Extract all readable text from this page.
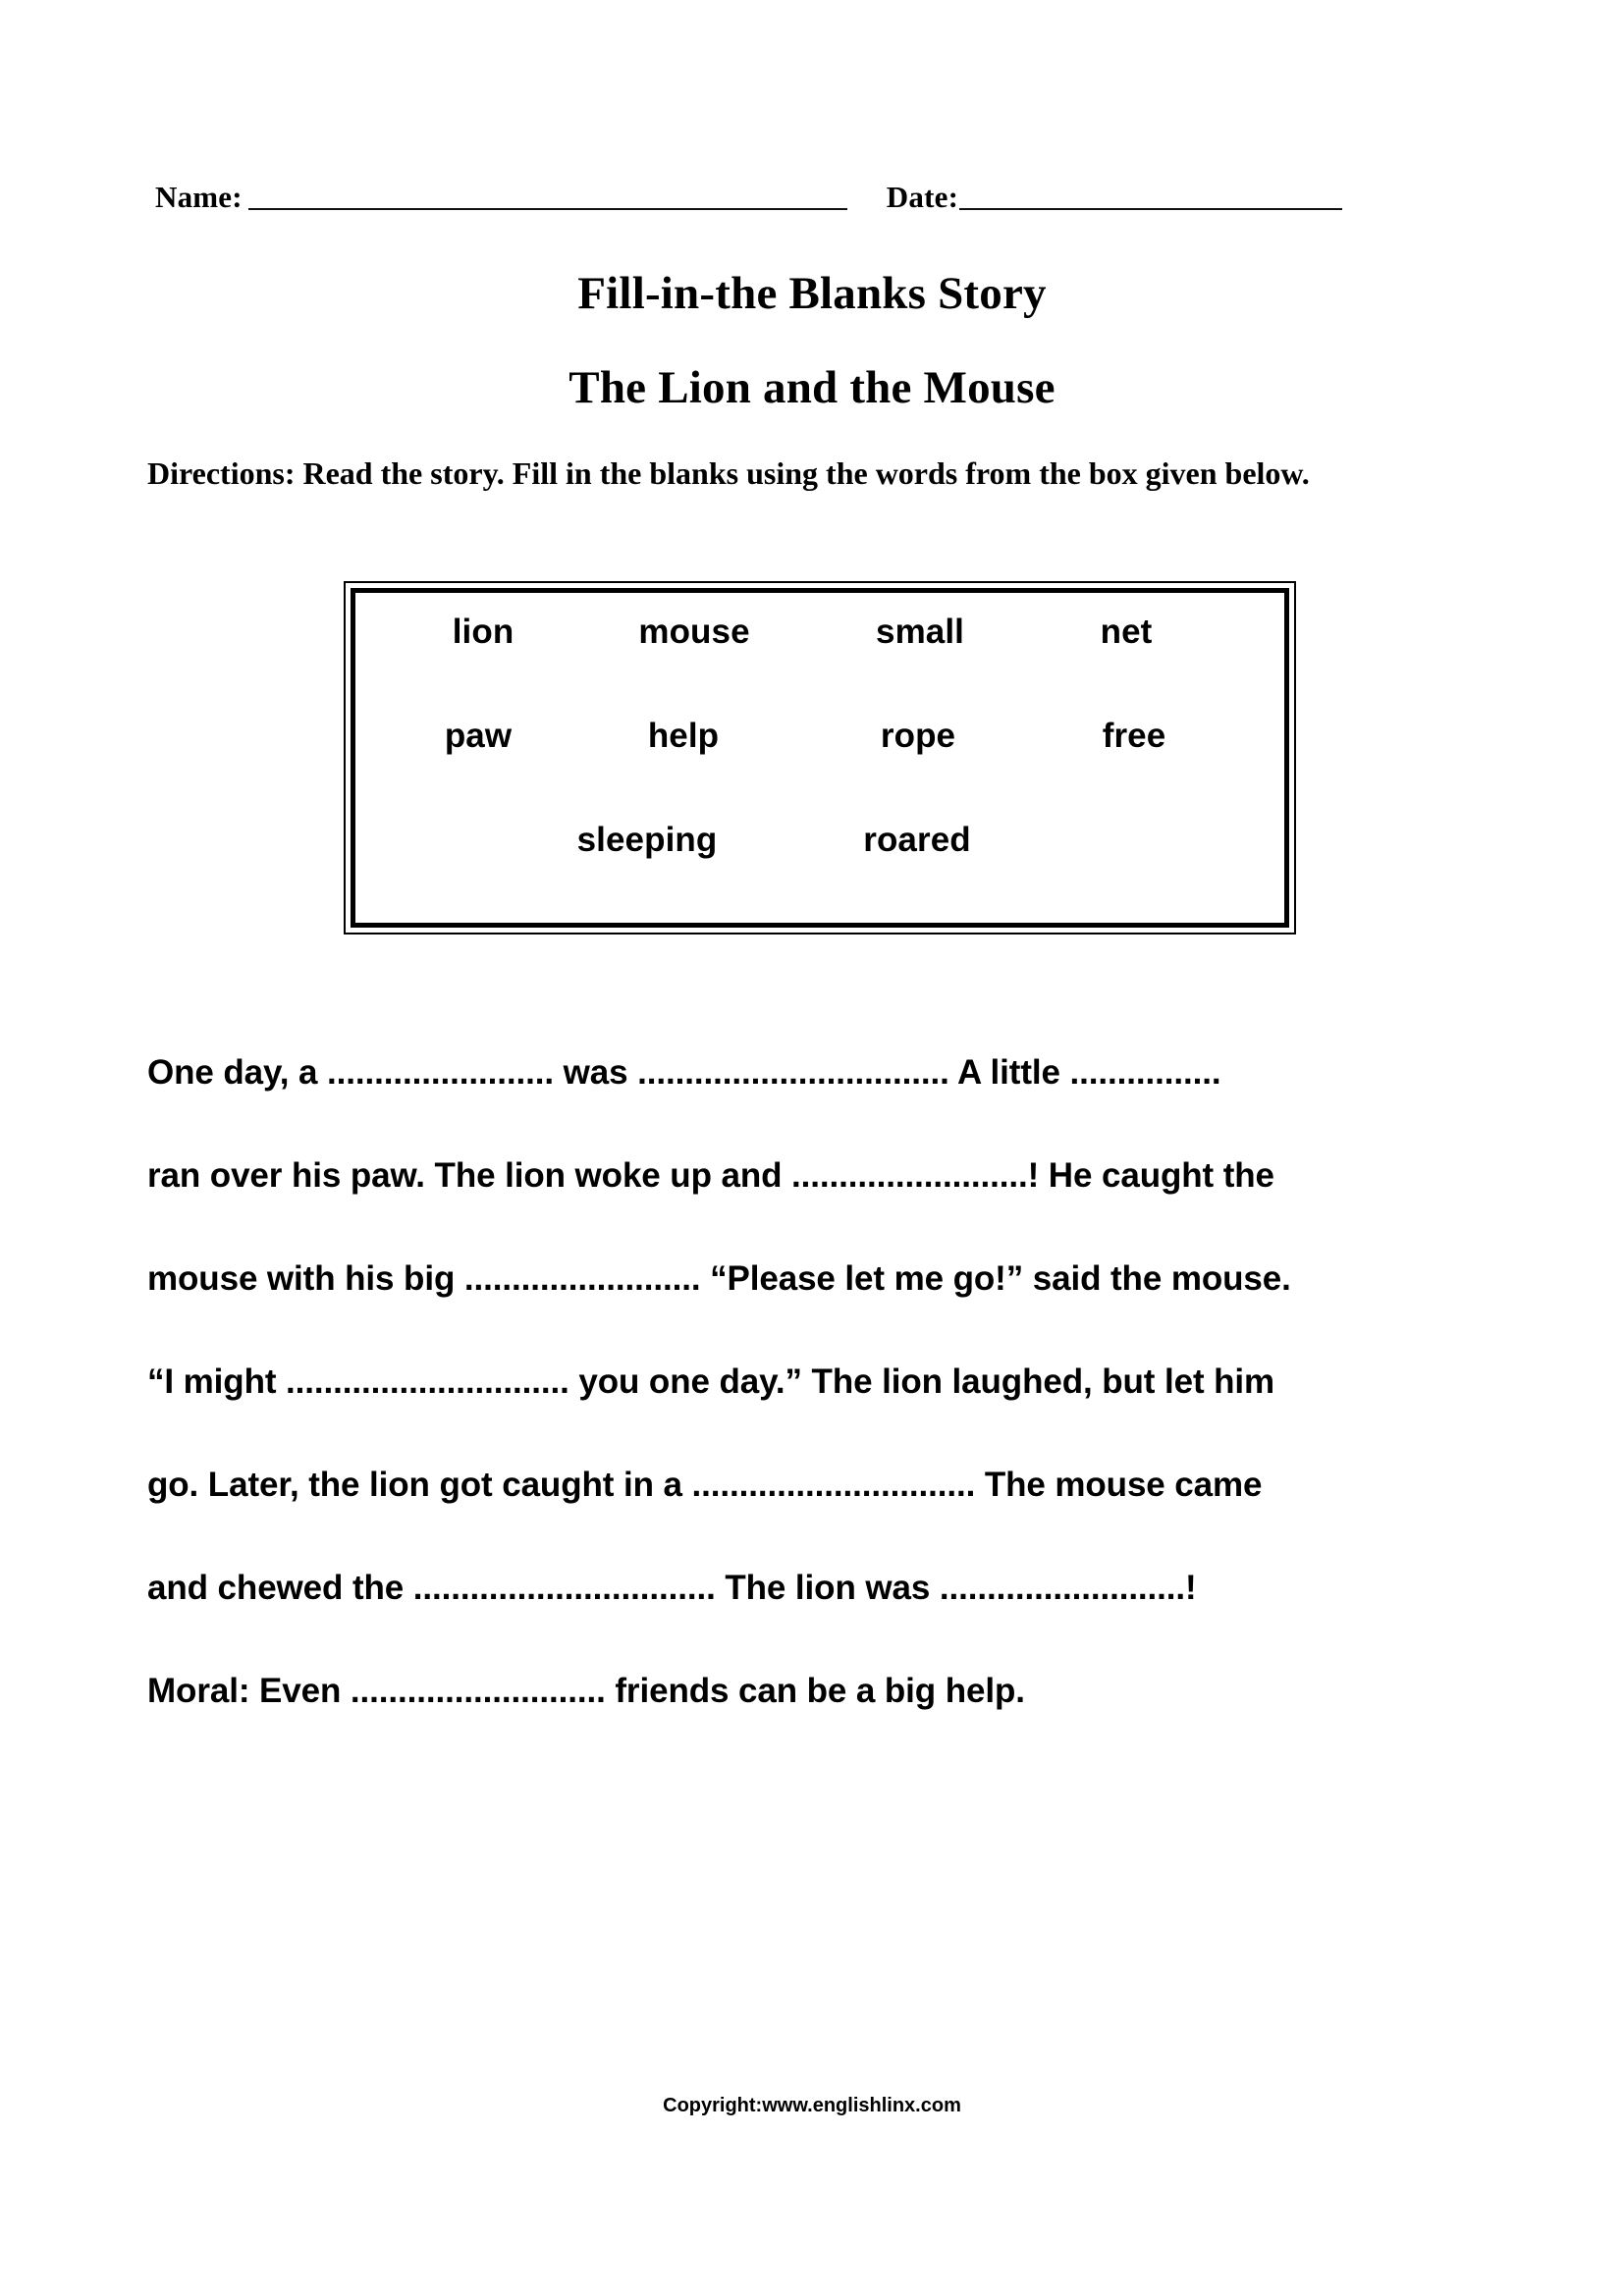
Name:	Date:
Fill-in-the Blanks Story
The Lion and the Mouse
Directions: Read the story. Fill in the blanks using the words from the box given below.
lion	mouse	small	net
paw	help	rope	free
sleeping	roared
One day, a ........................ was ................................. A little ................
ran over his paw. The lion woke up and .........................! He caught the
mouse with his big ......................... “Please let me go!” said the mouse.
“I might .............................. you one day.” The lion laughed, but let him
go. Later, the lion got caught in a .............................. The mouse came
and chewed the ................................ The lion was ..........................!
Moral: Even ........................... friends can be a big help.
Copyright:www.englishlinx.com
